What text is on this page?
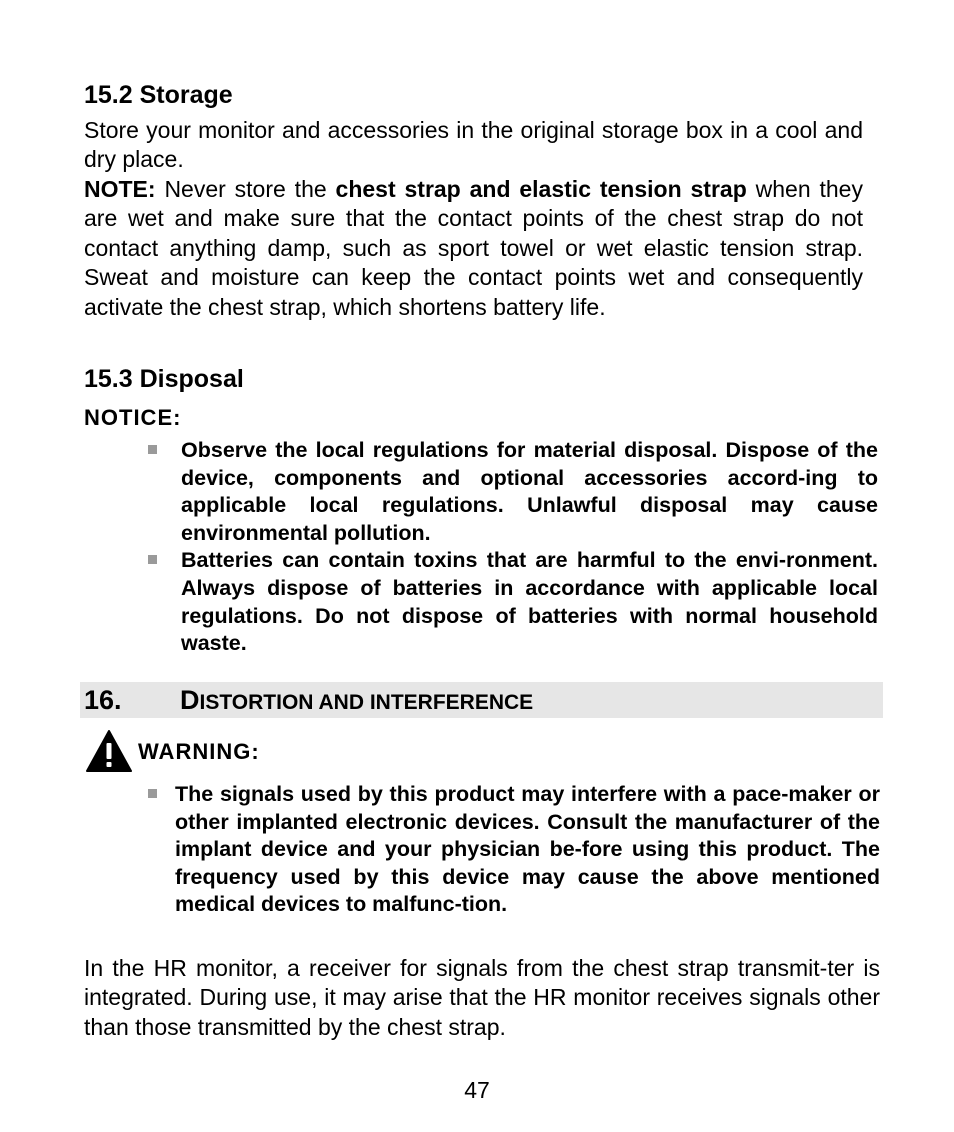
15.2 Storage

Store your monitor and accessories in the original storage box in a cool and dry place.

NOTE: Never store the chest strap and elastic tension strap when they are wet and make sure that the contact points of the chest strap do not contact anything damp, such as sport towel or wet elastic tension strap. Sweat and moisture can keep the contact points wet and consequently activate the chest strap, which shortens battery life.

15.3 Disposal
NOTICE:
Observe the local regulations for material disposal. Dispose of the device, components and optional accessories accord-ing to applicable local regulations. Unlawful disposal may cause environmental pollution.
Batteries can contain toxins that are harmful to the envi-ronment. Always dispose of batteries in accordance with applicable local regulations. Do not dispose of batteries with normal household waste.
16. DISTORTION AND INTERFERENCE
WARNING:
The signals used by this product may interfere with a pace-maker or other implanted electronic devices. Consult the manufacturer of the implant device and your physician be-fore using this product. The frequency used by this device may cause the above mentioned medical devices to malfunc-tion.

In the HR monitor, a receiver for signals from the chest strap transmit-ter is integrated. During use, it may arise that the HR monitor receives signals other than those transmitted by the chest strap.

47
